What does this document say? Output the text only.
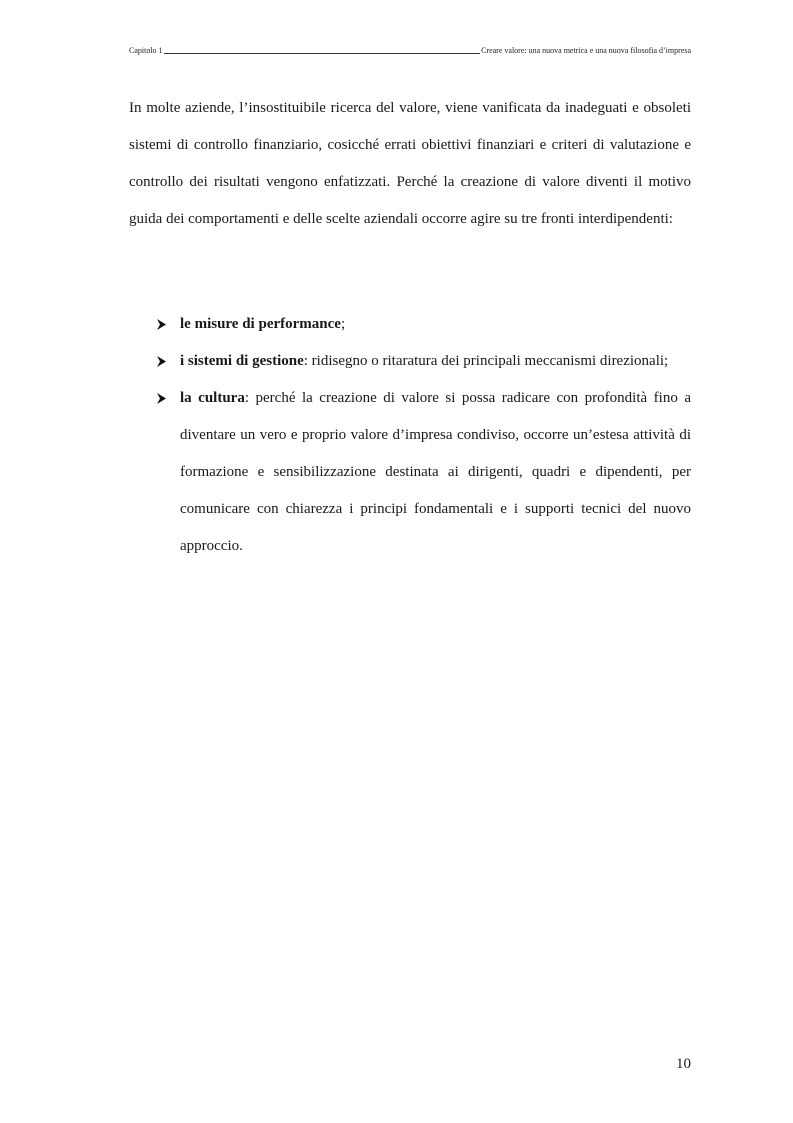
Capitolo 1	Creare valore: una nuova metrica e una nuova filosofia d’impresa

In molte aziende, l’insostituibile ricerca del valore, viene vanificata da inadeguati e obsoleti sistemi di controllo finanziario, cosicché errati obiettivi finanziari e criteri di valutazione e controllo dei risultati vengono enfatizzati. Perché la creazione di valore diventi il motivo guida dei comportamenti e delle scelte aziendali occorre agire su tre fronti interdipendenti:

le misure di performance;
i sistemi di gestione: ridisegno o ritaratura dei principali meccanismi direzionali;
la cultura: perché la creazione di valore si possa radicare con profondità fino a diventare un vero e proprio valore d’impresa condiviso, occorre un’estesa attività di formazione e sensibilizzazione destinata ai dirigenti, quadri e dipendenti, per comunicare con chiarezza i principi fondamentali e i supporti tecnici del nuovo approccio.
10
